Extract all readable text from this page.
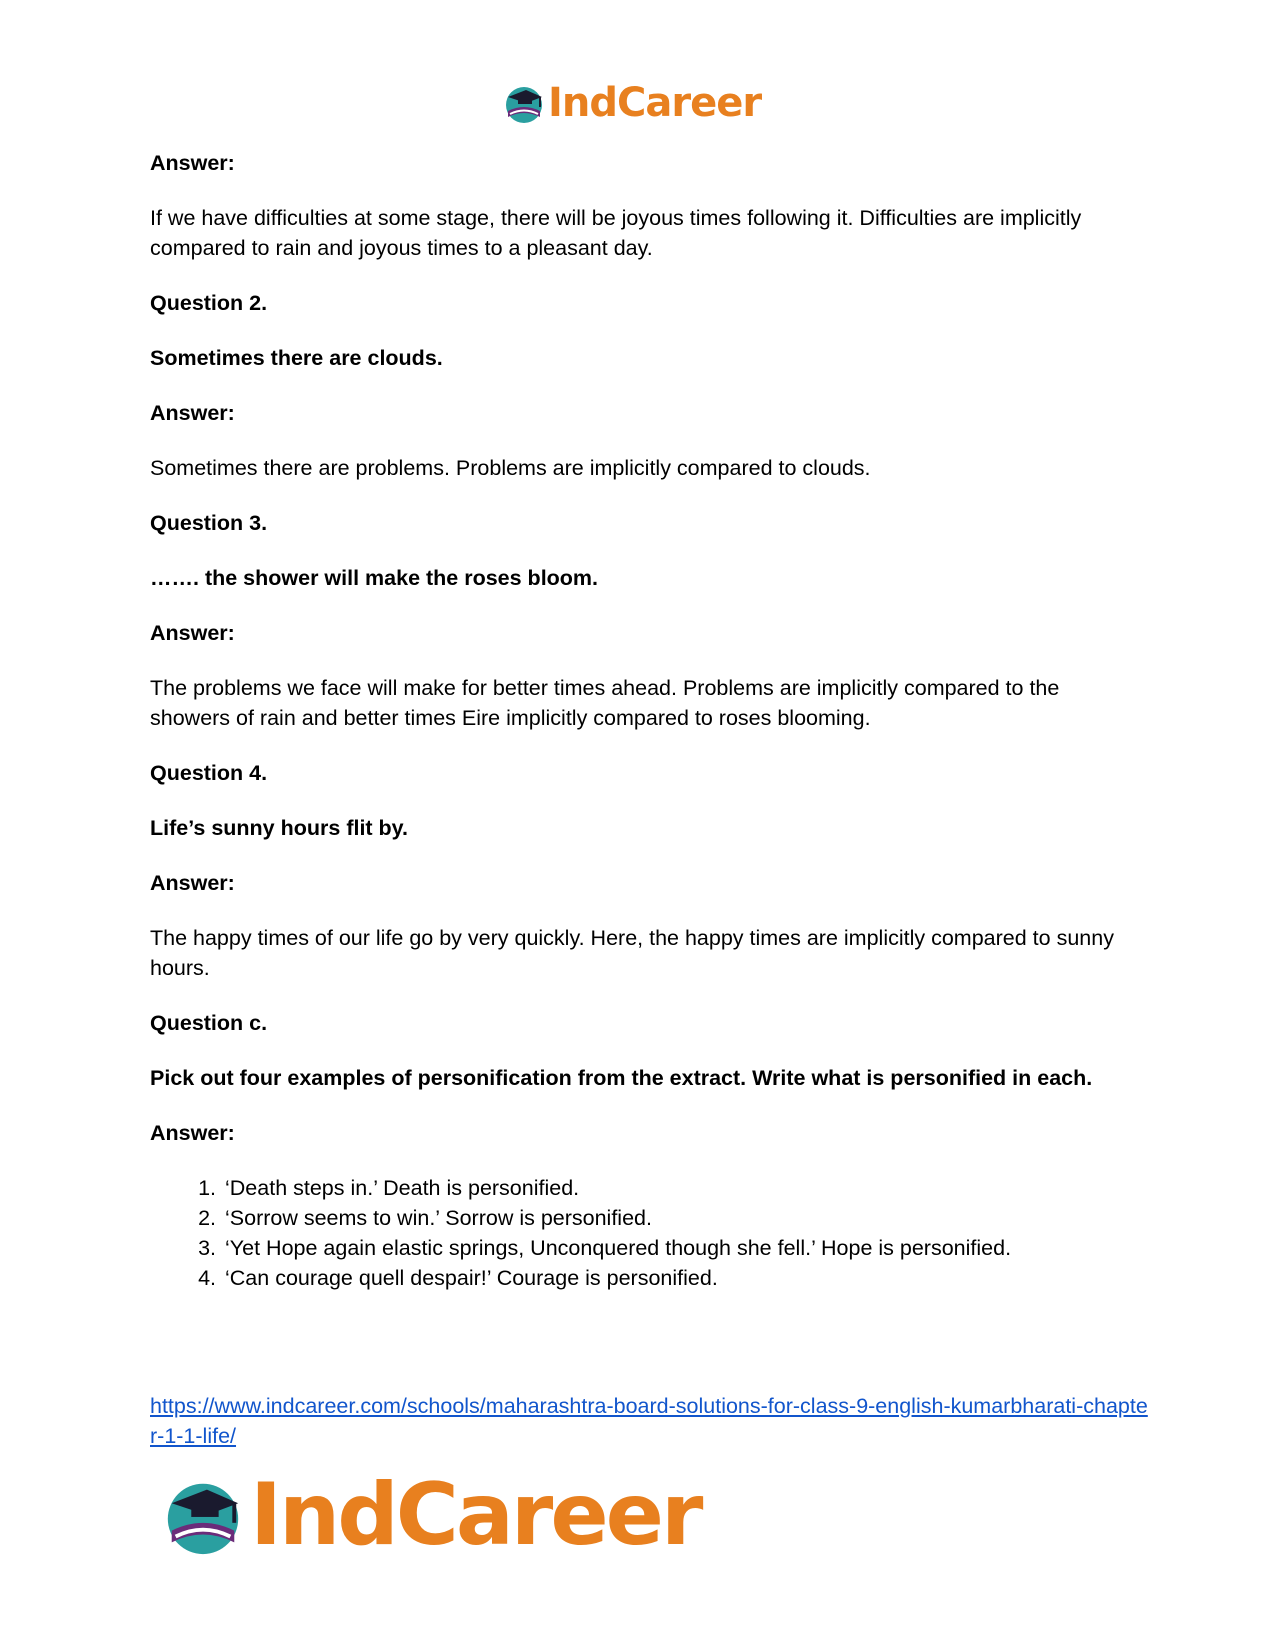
IndCareer

Answer:

If we have difficulties at some stage, there will be joyous times following it. Difficulties are implicitly compared to rain and joyous times to a pleasant day.

Question 2.

Sometimes there are clouds.

Answer:

Sometimes there are problems. Problems are implicitly compared to clouds.

Question 3.

……. the shower will make the roses bloom.

Answer:

The problems we face will make for better times ahead. Problems are implicitly compared to the showers of rain and better times Eire implicitly compared to roses blooming.

Question 4.

Life’s sunny hours flit by.

Answer:

The happy times of our life go by very quickly. Here, the happy times are implicitly compared to sunny hours.

Question c.

Pick out four examples of personification from the extract. Write what is personified in each.

Answer:

1. ‘Death steps in.’ Death is personified.
2. ‘Sorrow seems to win.’ Sorrow is personified.
3. ‘Yet Hope again elastic springs, Unconquered though she fell.’ Hope is personified.
4. ‘Can courage quell despair!’ Courage is personified.
https://www.indcareer.com/schools/maharashtra-board-solutions-for-class-9-english-kumarbharati-chapter-1-1-life/
IndCareer
